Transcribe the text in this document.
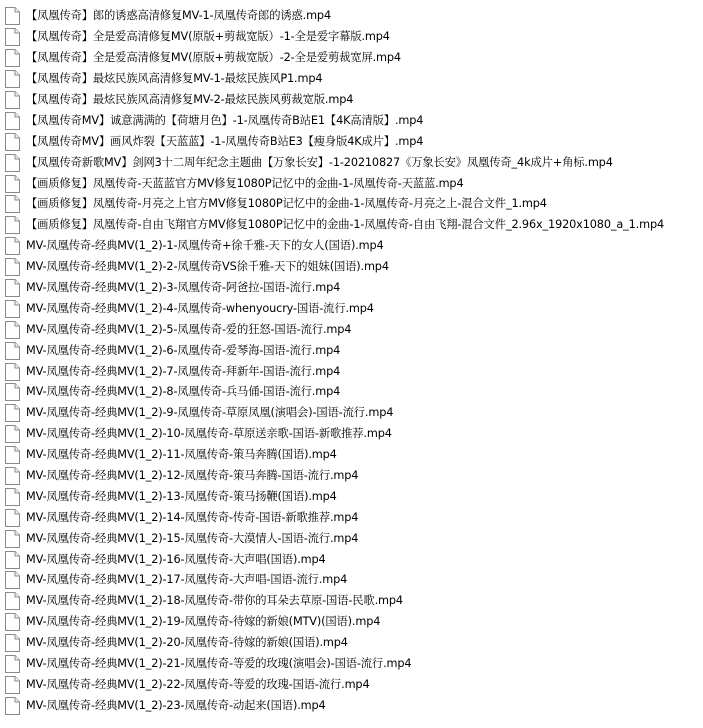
【凤凰传奇】郎的诱惑高清修复MV-1-凤凰传奇郎的诱惑.mp4
【凤凰传奇】全是爱高清修复MV(原版+剪裁宽版）-1-全是爱字幕版.mp4
【凤凰传奇】全是爱高清修复MV(原版+剪裁宽版）-2-全是爱剪裁宽屏.mp4
【凤凰传奇】最炫民族风高清修复MV-1-最炫民族风P1.mp4
【凤凰传奇】最炫民族风高清修复MV-2-最炫民族风剪裁宽版.mp4
【凤凰传奇MV】诚意满满的【荷塘月色】-1-凤凰传奇B站E1【4K高清版】.mp4
【凤凰传奇MV】画风炸裂【天蓝蓝】-1-凤凰传奇B站E3【瘦身版4K成片】.mp4
【凤凰传奇新歌MV】剑网3十二周年纪念主题曲【万象长安】-1-20210827《万象长安》凤凰传奇_4k成片+角标.mp4
【画质修复】凤凰传奇-天蓝蓝官方MV修复1080P记忆中的金曲-1-凤凰传奇-天蓝蓝.mp4
【画质修复】凤凰传奇-月亮之上官方MV修复1080P记忆中的金曲-1-凤凰传奇-月亮之上-混合文件_1.mp4
【画质修复】凤凰传奇-自由飞翔官方MV修复1080P记忆中的金曲-1-凤凰传奇-自由飞翔-混合文件_2.96x_1920x1080_a_1.mp4
MV-凤凰传奇-经典MV(1_2)-1-凤凰传奇+徐千雅-天下的女人(国语).mp4
MV-凤凰传奇-经典MV(1_2)-2-凤凰传奇VS徐千雅-天下的姐妹(国语).mp4
MV-凤凰传奇-经典MV(1_2)-3-凤凰传奇-阿爸拉-国语-流行.mp4
MV-凤凰传奇-经典MV(1_2)-4-凤凰传奇-whenyoucry-国语-流行.mp4
MV-凤凰传奇-经典MV(1_2)-5-凤凰传奇-爱的狂怒-国语-流行.mp4
MV-凤凰传奇-经典MV(1_2)-6-凤凰传奇-爱琴海-国语-流行.mp4
MV-凤凰传奇-经典MV(1_2)-7-凤凰传奇-拜新年-国语-流行.mp4
MV-凤凰传奇-经典MV(1_2)-8-凤凰传奇-兵马俑-国语-流行.mp4
MV-凤凰传奇-经典MV(1_2)-9-凤凰传奇-草原凤凰(演唱会)-国语-流行.mp4
MV-凤凰传奇-经典MV(1_2)-10-凤凰传奇-草原送亲歌-国语-新歌推荐.mp4
MV-凤凰传奇-经典MV(1_2)-11-凤凰传奇-策马奔腾(国语).mp4
MV-凤凰传奇-经典MV(1_2)-12-凤凰传奇-策马奔腾-国语-流行.mp4
MV-凤凰传奇-经典MV(1_2)-13-凤凰传奇-策马扬鞭(国语).mp4
MV-凤凰传奇-经典MV(1_2)-14-凤凰传奇-传奇-国语-新歌推荐.mp4
MV-凤凰传奇-经典MV(1_2)-15-凤凰传奇-大漠情人-国语-流行.mp4
MV-凤凰传奇-经典MV(1_2)-16-凤凰传奇-大声唱(国语).mp4
MV-凤凰传奇-经典MV(1_2)-17-凤凰传奇-大声唱-国语-流行.mp4
MV-凤凰传奇-经典MV(1_2)-18-凤凰传奇-带你的耳朵去草原-国语-民歌.mp4
MV-凤凰传奇-经典MV(1_2)-19-凤凰传奇-待嫁的新娘(MTV)(国语).mp4
MV-凤凰传奇-经典MV(1_2)-20-凤凰传奇-待嫁的新娘(国语).mp4
MV-凤凰传奇-经典MV(1_2)-21-凤凰传奇-等爱的玫瑰(演唱会)-国语-流行.mp4
MV-凤凰传奇-经典MV(1_2)-22-凤凰传奇-等爱的玫瑰-国语-流行.mp4
MV-凤凰传奇-经典MV(1_2)-23-凤凰传奇-动起来(国语).mp4
